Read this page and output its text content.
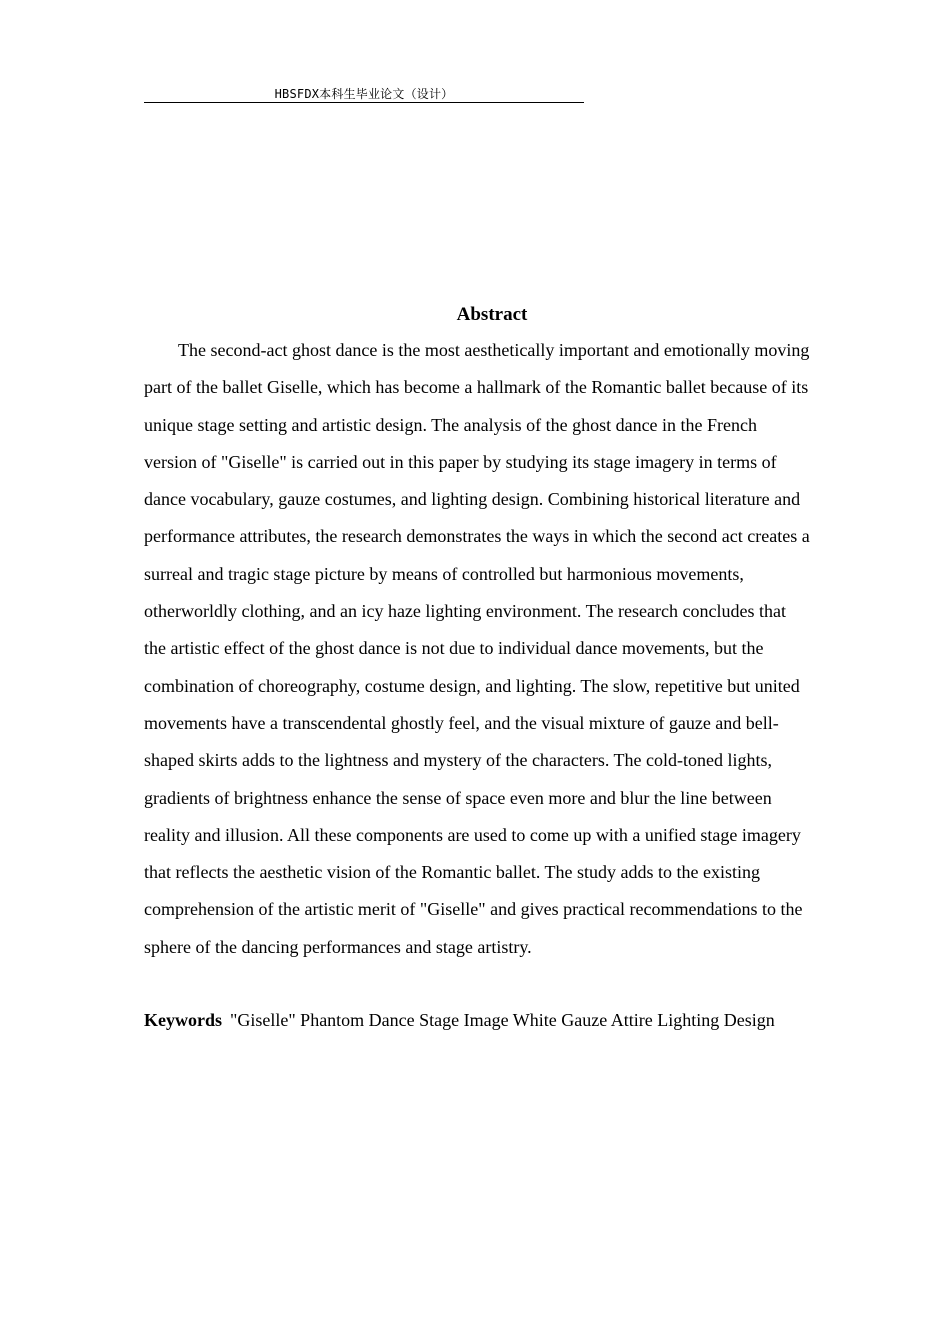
HBSFDX本科生毕业论文（设计）
Abstract

The second-act ghost dance is the most aesthetically important and emotionally moving part of the ballet Giselle, which has become a hallmark of the Romantic ballet because of its unique stage setting and artistic design. The analysis of the ghost dance in the French version of "Giselle" is carried out in this paper by studying its stage imagery in terms of dance vocabulary, gauze costumes, and lighting design. Combining historical literature and performance attributes, the research demonstrates the ways in which the second act creates a surreal and tragic stage picture by means of controlled but harmonious movements, otherworldly clothing, and an icy haze lighting environment. The research concludes that the artistic effect of the ghost dance is not due to individual dance movements, but the combination of choreography, costume design, and lighting. The slow, repetitive but united movements have a transcendental ghostly feel, and the visual mixture of gauze and bell-shaped skirts adds to the lightness and mystery of the characters. The cold-toned lights, gradients of brightness enhance the sense of space even more and blur the line between reality and illusion. All these components are used to come up with a unified stage imagery that reflects the aesthetic vision of the Romantic ballet. The study adds to the existing comprehension of the artistic merit of "Giselle" and gives practical recommendations to the sphere of the dancing performances and stage artistry.

Keywords "Giselle" Phantom Dance Stage Image White Gauze Attire Lighting Design
